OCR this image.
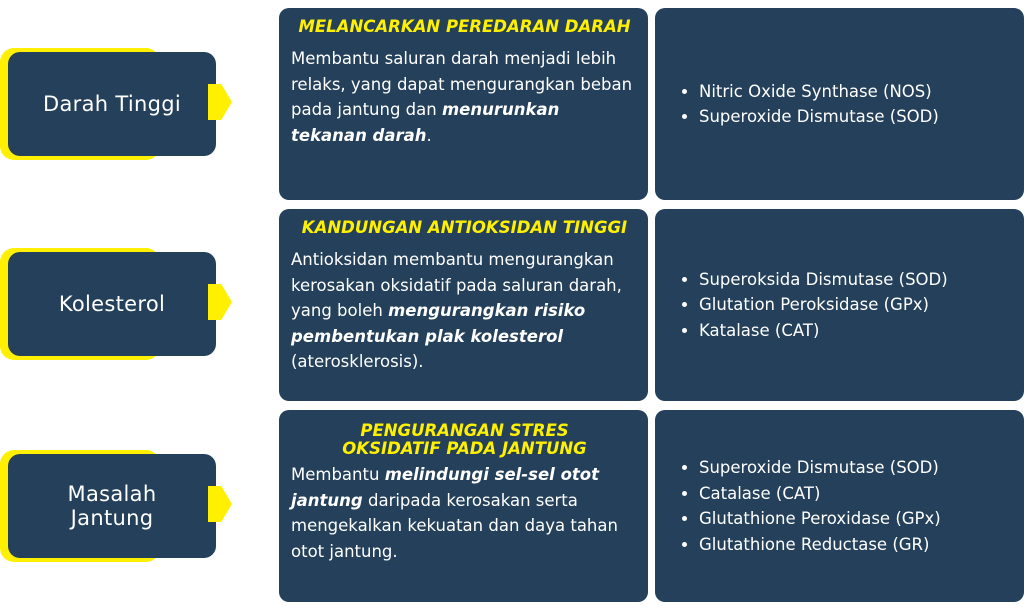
Darah Tinggi
MELANCARKAN PEREDARAN DARAH
Membantu saluran darah menjadi lebih relaks, yang dapat mengurangkan beban pada jantung dan menurunkan tekanan darah.
• Nitric Oxide Synthase (NOS)
• Superoxide Dismutase (SOD)
Kolesterol
KANDUNGAN ANTIOKSIDAN TINGGI
Antioksidan membantu mengurangkan kerosakan oksidatif pada saluran darah, yang boleh mengurangkan risiko pembentukan plak kolesterol (aterosklerosis).
• Superoksida Dismutase (SOD)
• Glutation Peroksidase (GPx)
• Katalase (CAT)
Masalah Jantung
PENGURANGAN STRES OKSIDATIF PADA JANTUNG
Membantu melindungi sel-sel otot jantung daripada kerosakan serta mengekalkan kekuatan dan daya tahan otot jantung.
• Superoxide Dismutase (SOD)
• Catalase (CAT)
• Glutathione Peroxidase (GPx)
• Glutathione Reductase (GR)
